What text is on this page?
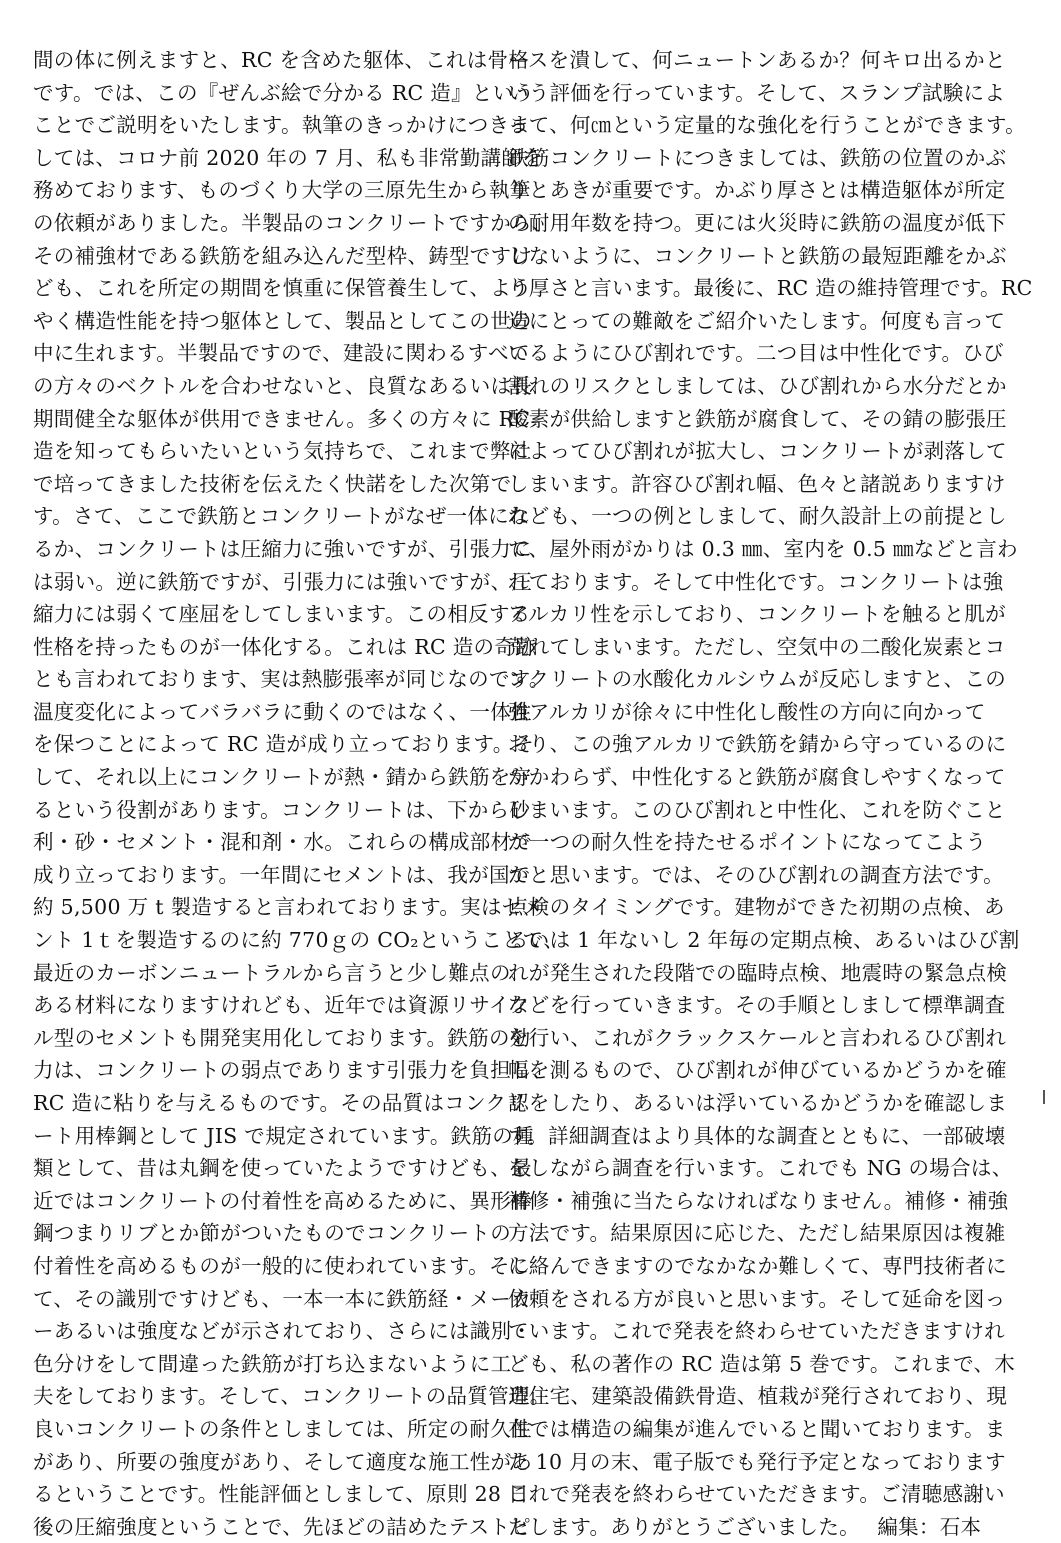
間の体に例えますと、RC を含めた躯体、これは骨格
です。では、この『ぜんぶ絵で分かる RC 造』という
ことでご説明をいたします。執筆のきっかけにつきま
しては、コロナ前 2020 年の 7 月、私も非常勤講師を
務めております、ものづくり大学の三原先生から執筆
の依頼がありました。半製品のコンクリートですから、
その補強材である鉄筋を組み込んだ型枠、鋳型ですけ
ども、これを所定の期間を慎重に保管養生して、よう
やく構造性能を持つ躯体として、製品としてこの世の
中に生れます。半製品ですので、建設に関わるすべて
の方々のベクトルを合わせないと、良質なあるいは長
期間健全な躯体が供用できません。多くの方々に RC
造を知ってもらいたいという気持ちで、これまで弊社
で培ってきました技術を伝えたく快諾をした次第で
す。さて、ここで鉄筋とコンクリートがなぜ一体にな
るか、コンクリートは圧縮力に強いですが、引張力に
は弱い。逆に鉄筋ですが、引張力には強いですが、圧
縮力には弱くて座屈をしてしまいます。この相反する
性格を持ったものが一体化する。これは RC 造の奇跡
とも言われております、実は熱膨張率が同じなのです。
温度変化によってバラバラに動くのではなく、一体性
を保つことによって RC 造が成り立っております。そ
して、それ以上にコンクリートが熱・錆から鉄筋を守
るという役割があります。コンクリートは、下から砂
利・砂・セメント・混和剤・水。これらの構成部材で
成り立っております。一年間にセメントは、我が国で
約 5,500 万 t 製造すると言われております。実はセメ
ント 1ｔを製造するのに約 770ｇの CO₂ということで、
最近のカーボンニュートラルから言うと少し難点の
ある材料になりますけれども、近年では資源リサイク
ル型のセメントも開発実用化しております。鉄筋の効
力は、コンクリートの弱点であります引張力を負担し、
RC 造に粘りを与えるものです。その品質はコンクリ
ート用棒鋼として JIS で規定されています。鉄筋の種
類として、昔は丸鋼を使っていたようですけども、最
近ではコンクリートの付着性を高めるために、異形棒
鋼つまりリブとか節がついたものでコンクリートの
付着性を高めるものが一般的に使われています。そし
て、その識別ですけども、一本一本に鉄筋経・メーカ
ーあるいは強度などが示されており、さらには識別・
色分けをして間違った鉄筋が打ち込まないように工
夫をしております。そして、コンクリートの品質管理。
良いコンクリートの条件としましては、所定の耐久性
があり、所要の強度があり、そして適度な施工性があ
るということです。性能評価としまして、原則 28 日
後の圧縮強度ということで、先ほどの詰めたテストピ
ースを潰して、何ニュートンあるか？何キロ出るかと
いう評価を行っています。そして、スランプ試験によ
って、何㎝という定量的な強化を行うことができます。
鉄筋コンクリートにつきましては、鉄筋の位置のかぶ
りとあきが重要です。かぶり厚さとは構造躯体が所定
の耐用年数を持つ。更には火災時に鉄筋の温度が低下
しないように、コンクリートと鉄筋の最短距離をかぶ
り厚さと言います。最後に、RC 造の維持管理です。RC
造にとっての難敵をご紹介いたします。何度も言って
いるようにひび割れです。二つ目は中性化です。ひび
割れのリスクとしましては、ひび割れから水分だとか
酸素が供給しますと鉄筋が腐食して、その錆の膨張圧
によってひび割れが拡大し、コンクリートが剥落して
しまいます。許容ひび割れ幅、色々と諸説ありますけ
れども、一つの例としまして、耐久設計上の前提とし
て、屋外雨がかりは 0.3 ㎜、室内を 0.5 ㎜などと言わ
れております。そして中性化です。コンクリートは強
アルカリ性を示しており、コンクリートを触ると肌が
荒れてしまいます。ただし、空気中の二酸化炭素とコ
ンクリートの水酸化カルシウムが反応しますと、この
強アルカリが徐々に中性化し酸性の方向に向かって
おり、この強アルカリで鉄筋を錆から守っているのに
かかわらず、中性化すると鉄筋が腐食しやすくなって
しまいます。このひび割れと中性化、これを防ぐこと
が一つの耐久性を持たせるポイントになってこよう
かと思います。では、そのひび割れの調査方法です。
点検のタイミングです。建物ができた初期の点検、あ
るいは 1 年ないし 2 年毎の定期点検、あるいはひび割
れが発生された段階での臨時点検、地震時の緊急点検
などを行っていきます。その手順としまして標準調査
を行い、これがクラックスケールと言われるひび割れ
幅を測るもので、ひび割れが伸びているかどうかを確
認をしたり、あるいは浮いているかどうかを確認しま
す。詳細調査はより具体的な調査とともに、一部破壊
をしながら調査を行います。これでも NG の場合は、
補修・補強に当たらなければなりません。補修・補強
方法です。結果原因に応じた、ただし結果原因は複雑
に絡んできますのでなかなか難しくて、専門技術者に
依頼をされる方が良いと思います。そして延命を図っ
ています。これで発表を終わらせていただきますけれ
ども、私の著作の RC 造は第 5 巻です。これまで、木
造住宅、建築設備鉄骨造、植栽が発行されており、現
在では構造の編集が進んでいると聞いております。ま
た 10 月の末、電子版でも発行予定となっております
これで発表を終わらせていただきます。ご清聴感謝い
たします。ありがとうございました。　 編集：石本
